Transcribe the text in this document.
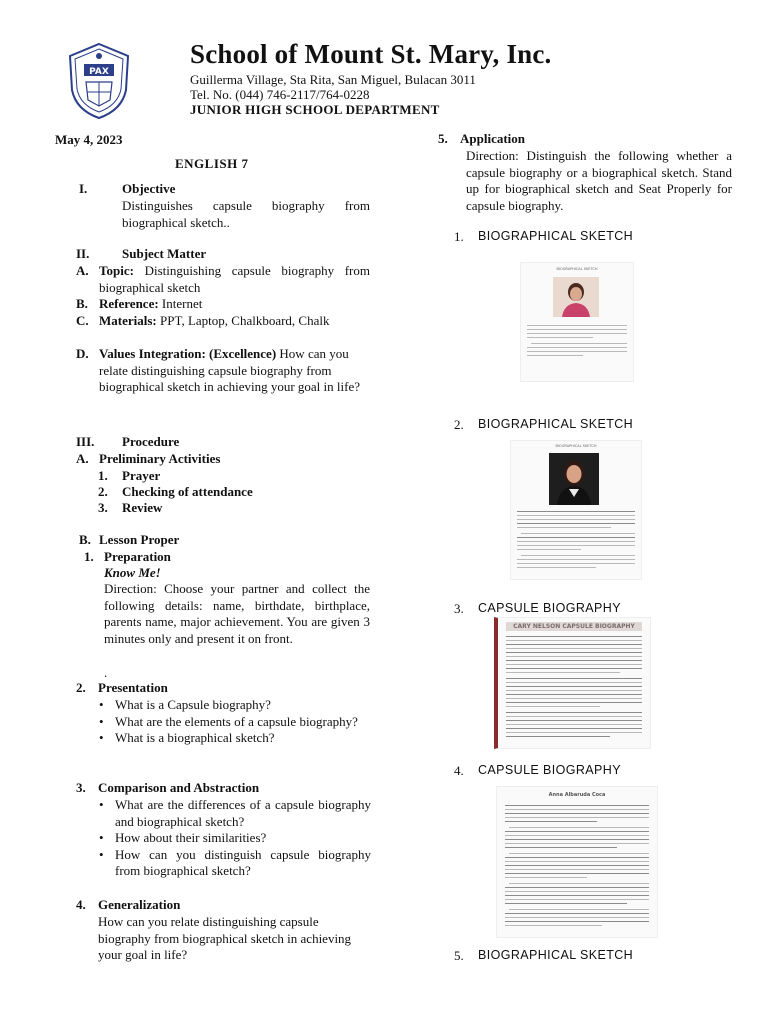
PAX
School of Mount St. Mary, Inc.
Guillerma Village, Sta Rita, San Miguel, Bulacan 3011
Tel. No. (044) 746-2117/764-0228
JUNIOR HIGH SCHOOL DEPARTMENT
May 4, 2023
ENGLISH 7
I.	Objective
Distinguishes capsule biography from biographical sketch..
II.	Subject Matter
A. Topic: Distinguishing capsule biography from biographical sketch
B. Reference: Internet
C. Materials: PPT, Laptop, Chalkboard, Chalk
D. Values Integration: (Excellence) How can you relate distinguishing capsule biography from biographical sketch in achieving your goal in life?
III. Procedure
A. Preliminary Activities
1. Prayer
2. Checking of attendance
3. Review
B. Lesson Proper
1. Preparation
Know Me!
Direction: Choose your partner and collect the following details: name, birthdate, birthplace, parents name, major achievement. You are given 3 minutes only and present it on front.
.
2. Presentation
• What is a Capsule biography?
• What are the elements of a capsule biography?
• What is a biographical sketch?
3. Comparison and Abstraction
• What are the differences of a capsule biography and biographical sketch?
• How about their similarities?
• How can you distinguish capsule biography from biographical sketch?
4. Generalization
How can you relate distinguishing capsule biography from biographical sketch in achieving your goal in life?
5. Application
Direction: Distinguish the following whether a capsule biography or a biographical sketch. Stand up for biographical sketch and Seat Properly for capsule biography.
1. BIOGRAPHICAL SKETCH
BIOGRAPHICAL SKETCH
2. BIOGRAPHICAL SKETCH
BIOGRAPHICAL SKETCH
3. CAPSULE BIOGRAPHY
CARY NELSON CAPSULE BIOGRAPHY
4. CAPSULE BIOGRAPHY
Anna Albaruda Coca
5. BIOGRAPHICAL SKETCH
